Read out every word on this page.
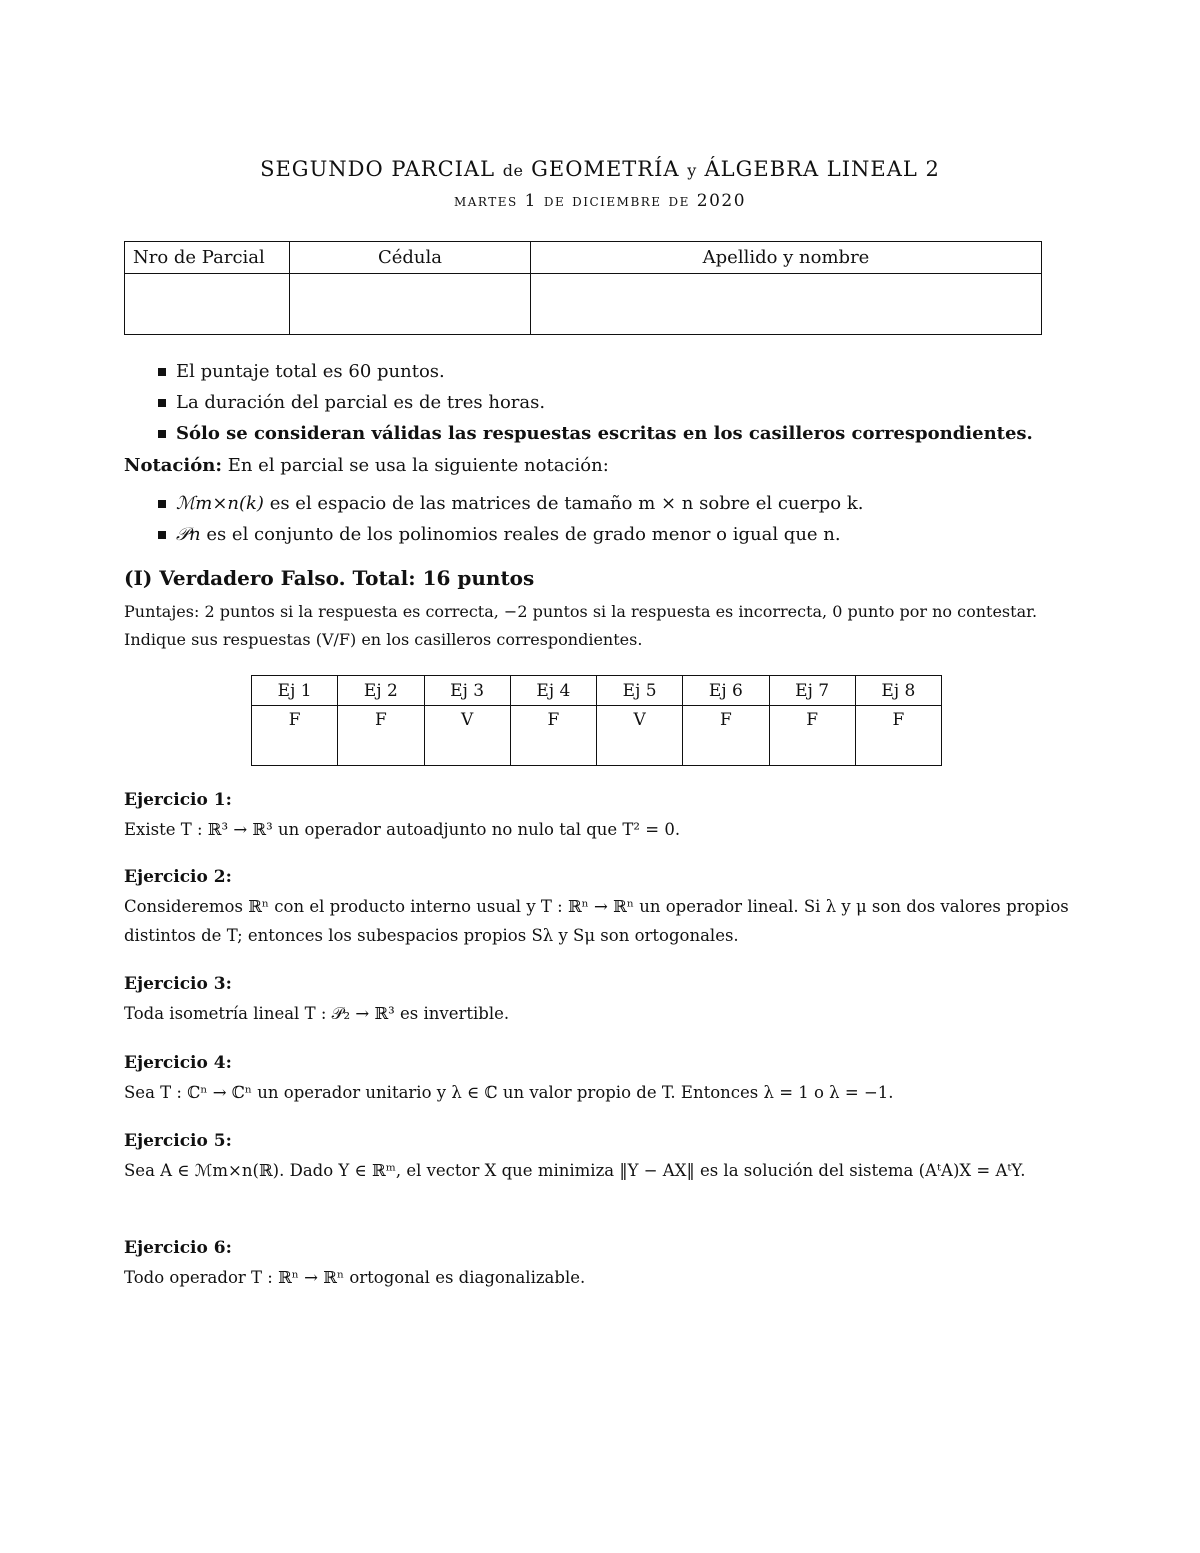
SEGUNDO PARCIAL de GEOMETRÍA y ÁLGEBRA LINEAL 2
martes 1 de diciembre de 2020
Nro de Parcial	Cédula	Apellido y nombre

El puntaje total es 60 puntos.
La duración del parcial es de tres horas.
Sólo se consideran válidas las respuestas escritas en los casilleros correspondientes.
Notación: En el parcial se usa la siguiente notación:
ℳm×n(k) es el espacio de las matrices de tamaño m × n sobre el cuerpo k.
𝒫n es el conjunto de los polinomios reales de grado menor o igual que n.
(I) Verdadero Falso. Total: 16 puntos
Puntajes: 2 puntos si la respuesta es correcta, −2 puntos si la respuesta es incorrecta, 0 punto por no contestar.
Indique sus respuestas (V/F) en los casilleros correspondientes.
Ej 1	Ej 2	Ej 3	Ej 4	Ej 5	Ej 6	Ej 7	Ej 8
F	F	V	F	V	F	F	F
Ejercicio 1:
Existe T : ℝ³ → ℝ³ un operador autoadjunto no nulo tal que T² = 0.
Ejercicio 2:
Consideremos ℝⁿ con el producto interno usual y T : ℝⁿ → ℝⁿ un operador lineal. Si λ y μ son dos valores propios distintos de T; entonces los subespacios propios Sλ y Sμ son ortogonales.
Ejercicio 3:
Toda isometría lineal T : 𝒫₂ → ℝ³ es invertible.
Ejercicio 4:
Sea T : ℂⁿ → ℂⁿ un operador unitario y λ ∈ ℂ un valor propio de T. Entonces λ = 1 o λ = −1.
Ejercicio 5:
Sea A ∈ ℳm×n(ℝ). Dado Y ∈ ℝᵐ, el vector X que minimiza ‖Y − AX‖ es la solución del sistema (AᵗA)X = AᵗY.
Ejercicio 6:
Todo operador T : ℝⁿ → ℝⁿ ortogonal es diagonalizable.
